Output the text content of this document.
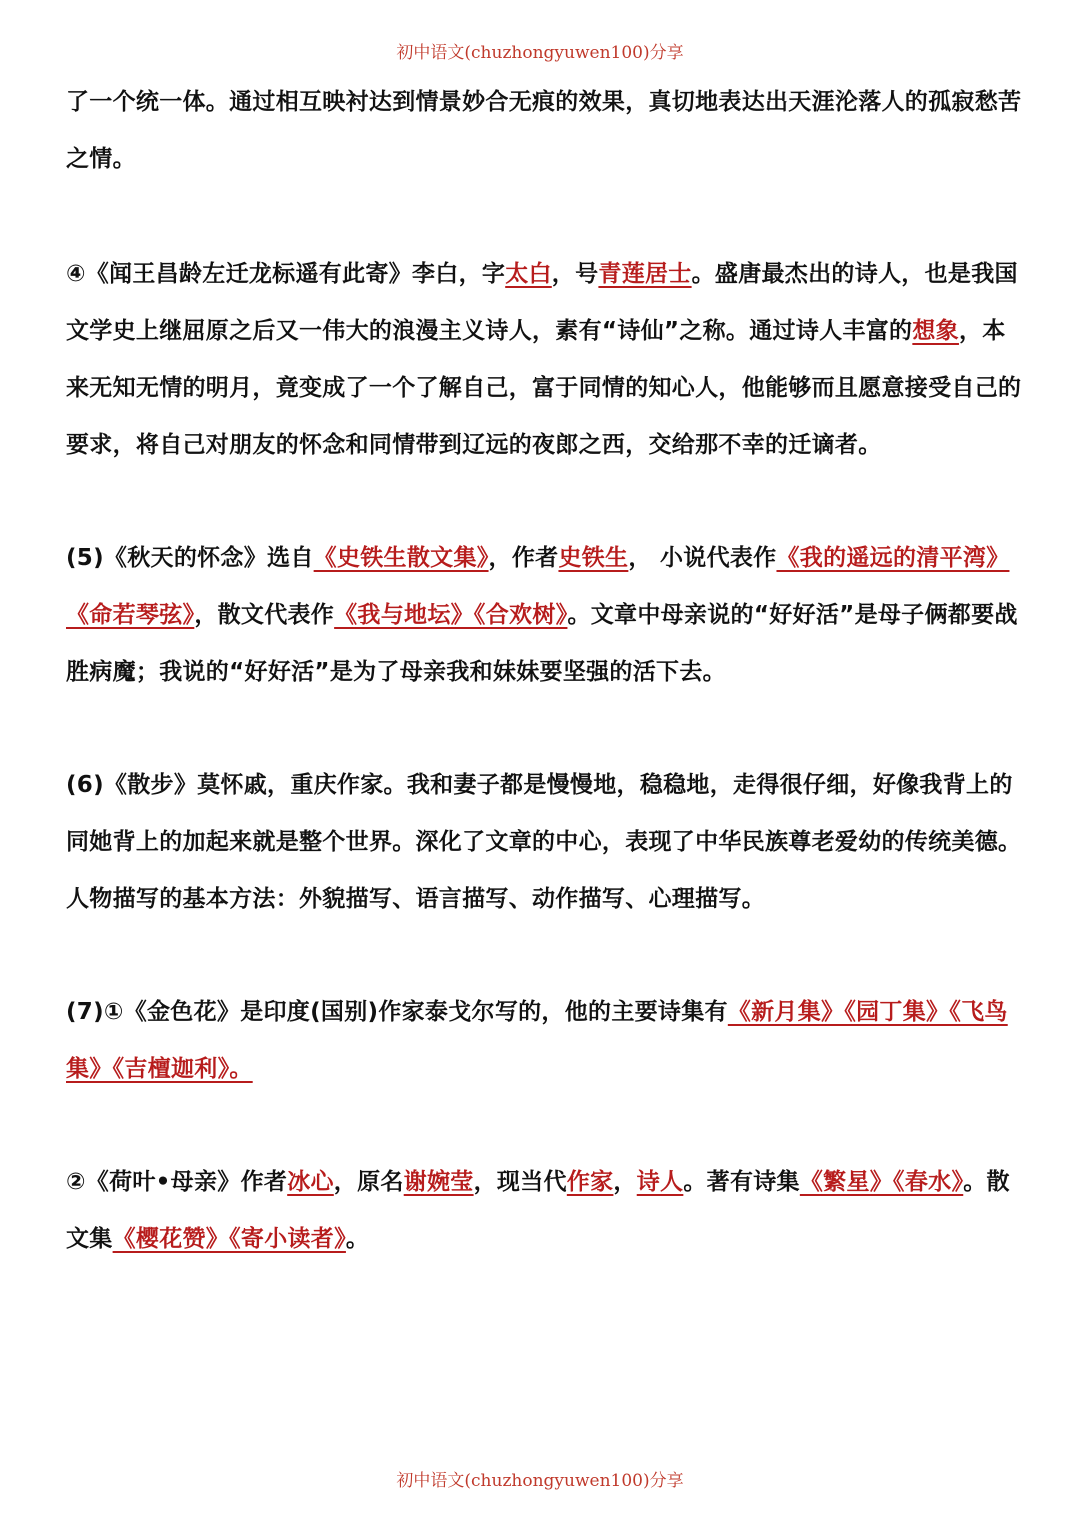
初中语文(chuzhongyuwen100)分享

了一个统一体。通过相互映衬达到情景妙合无痕的效果，真切地表达出天涯沦落人的孤寂愁苦之情。

④《闻王昌龄左迁龙标遥有此寄》李白，字太白，号青莲居士。盛唐最杰出的诗人，也是我国文学史上继屈原之后又一伟大的浪漫主义诗人，素有“诗仙”之称。通过诗人丰富的想象，本来无知无情的明月，竟变成了一个了解自己，富于同情的知心人，他能够而且愿意接受自己的要求，将自己对朋友的怀念和同情带到辽远的夜郎之西，交给那不幸的迁谪者。

(5)《秋天的怀念》选自《史铁生散文集》，作者史铁生， 小说代表作《我的遥远的清平湾》《命若琴弦》，散文代表作《我与地坛》《合欢树》。文章中母亲说的“好好活”是母子俩都要战胜病魔；我说的“好好活”是为了母亲我和妹妹要坚强的活下去。

(6)《散步》莫怀戚，重庆作家。我和妻子都是慢慢地，稳稳地，走得很仔细，好像我背上的同她背上的加起来就是整个世界。深化了文章的中心，表现了中华民族尊老爱幼的传统美德。 人物描写的基本方法：外貌描写、语言描写、动作描写、心理描写。

(7)①《金色花》是印度(国别)作家泰戈尔写的，他的主要诗集有《新月集》《园丁集》《飞鸟集》《吉檀迦利》。

②《荷叶•母亲》作者冰心，原名谢婉莹，现当代作家，诗人。著有诗集《繁星》《春水》。散文集《樱花赞》《寄小读者》。

初中语文(chuzhongyuwen100)分享
